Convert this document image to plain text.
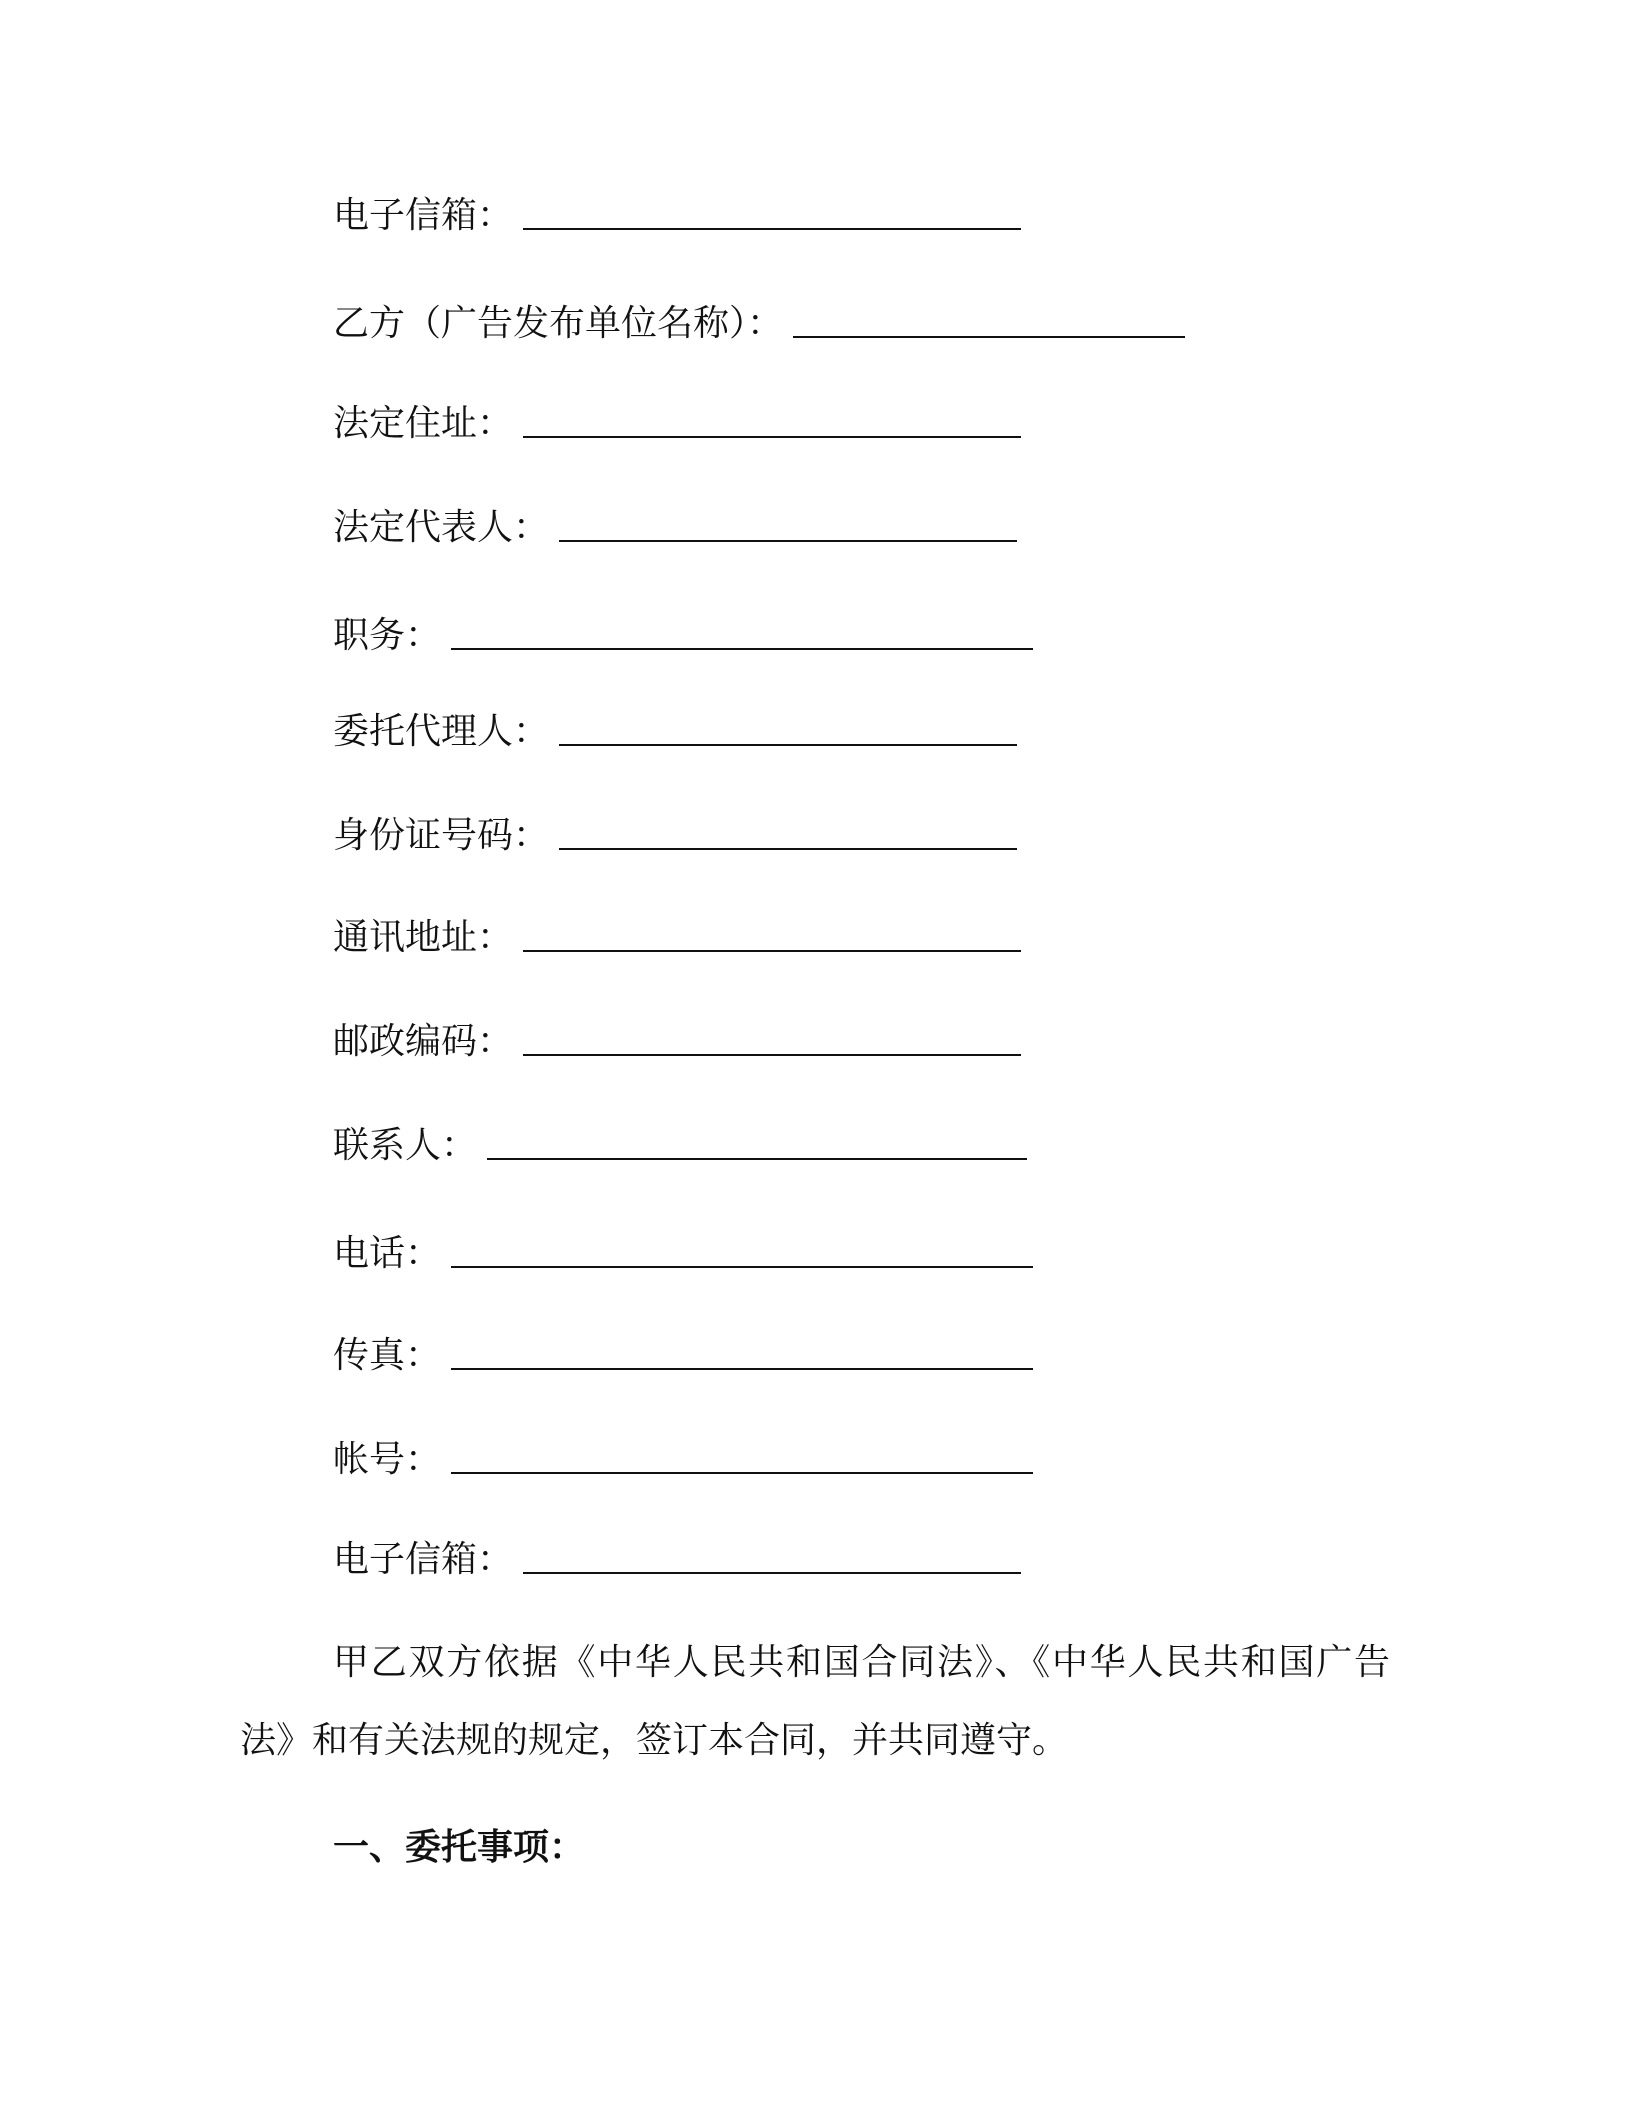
电子信箱：
乙方（广告发布单位名称）：
法定住址：
法定代表人：
职务：
委托代理人：
身份证号码：
通讯地址：
邮政编码：
联系人：
电话：
传真：
帐号：
电子信箱：

甲乙双方依据《中华人民共和国合同法》、《中华人民共和国广告法》和有关法规的规定，签订本合同，并共同遵守。

一、委托事项：
